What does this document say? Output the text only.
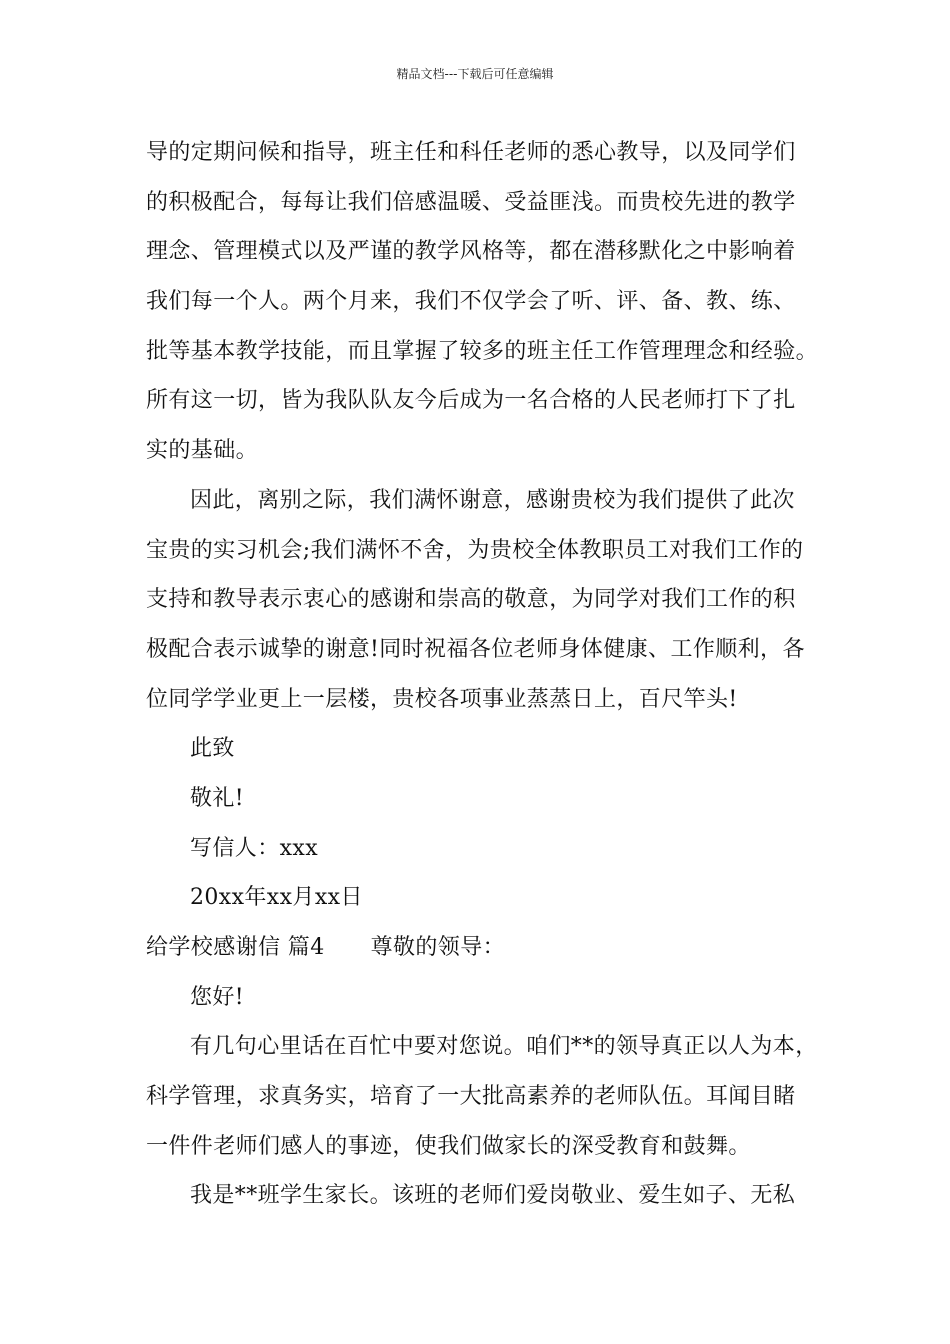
精品文档---下载后可任意编辑
导的定期问候和指导，班主任和科任老师的悉心教导，以及同学们
的积极配合，每每让我们倍感温暖、受益匪浅。而贵校先进的教学
理念、管理模式以及严谨的教学风格等，都在潜移默化之中影响着
我们每一个人。两个月来，我们不仅学会了听、评、备、教、练、
批等基本教学技能，而且掌握了较多的班主任工作管理理念和经验。
所有这一切，皆为我队队友今后成为一名合格的人民老师打下了扎
实的基础。
因此，离别之际，我们满怀谢意，感谢贵校为我们提供了此次
宝贵的实习机会;我们满怀不舍，为贵校全体教职员工对我们工作的
支持和教导表示衷心的感谢和崇高的敬意，为同学对我们工作的积
极配合表示诚挚的谢意!同时祝福各位老师身体健康、工作顺利，各
位同学学业更上一层楼，贵校各项事业蒸蒸日上，百尺竿头!
此致
敬礼!
写信人：xxx
20xx年xx月xx日
给学校感谢信 篇4 尊敬的领导：
您好!
有几句心里话在百忙中要对您说。咱们**的领导真正以人为本，
科学管理，求真务实，培育了一大批高素养的老师队伍。耳闻目睹
一件件老师们感人的事迹，使我们做家长的深受教育和鼓舞。
我是**班学生家长。该班的老师们爱岗敬业、爱生如子、无私
